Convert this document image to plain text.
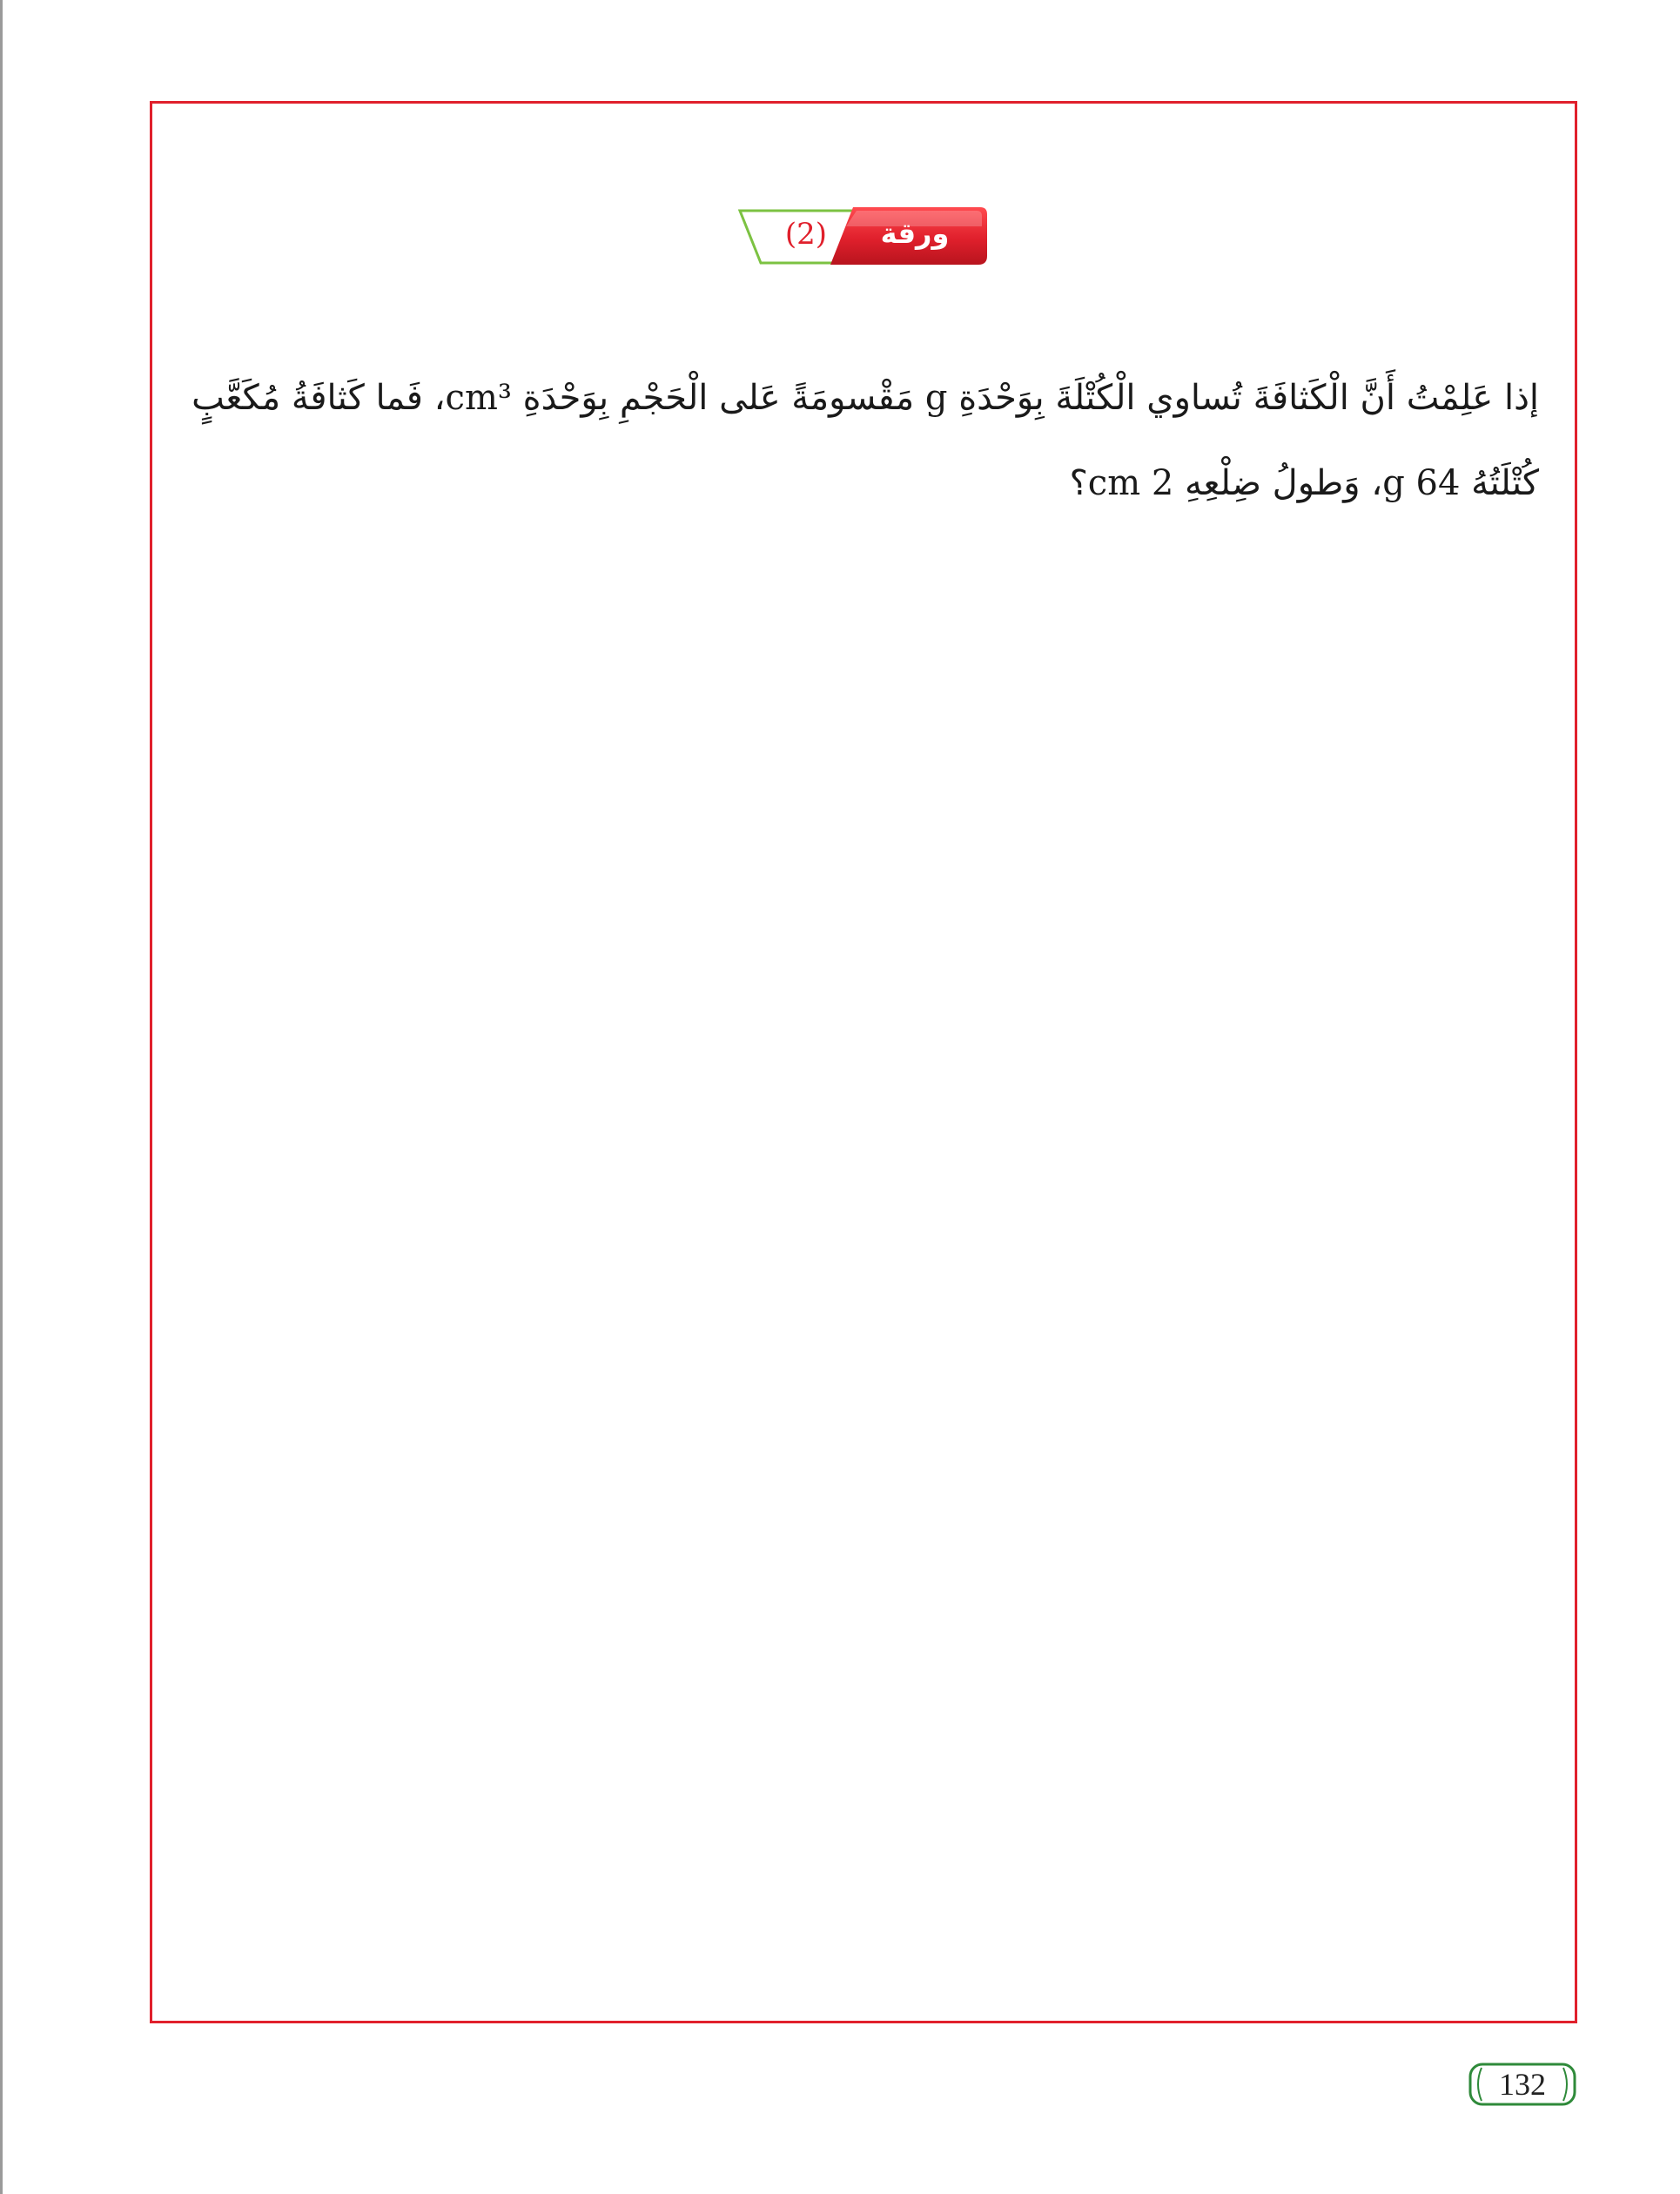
(2)	ورقة عمل

إذا عَلِمْتُ أَنَّ الْكَثافَةَ تُساوي الْكُتْلَةَ بِوَحْدَةِ g مَقْسومَةً عَلى الْحَجْمِ بِوَحْدَةِ cm³، فَما كَثافَةُ مُكَعَّبٍ

كُتْلَتُهُ g 64، وَطولُ ضِلْعِهِ cm 2؟

132
